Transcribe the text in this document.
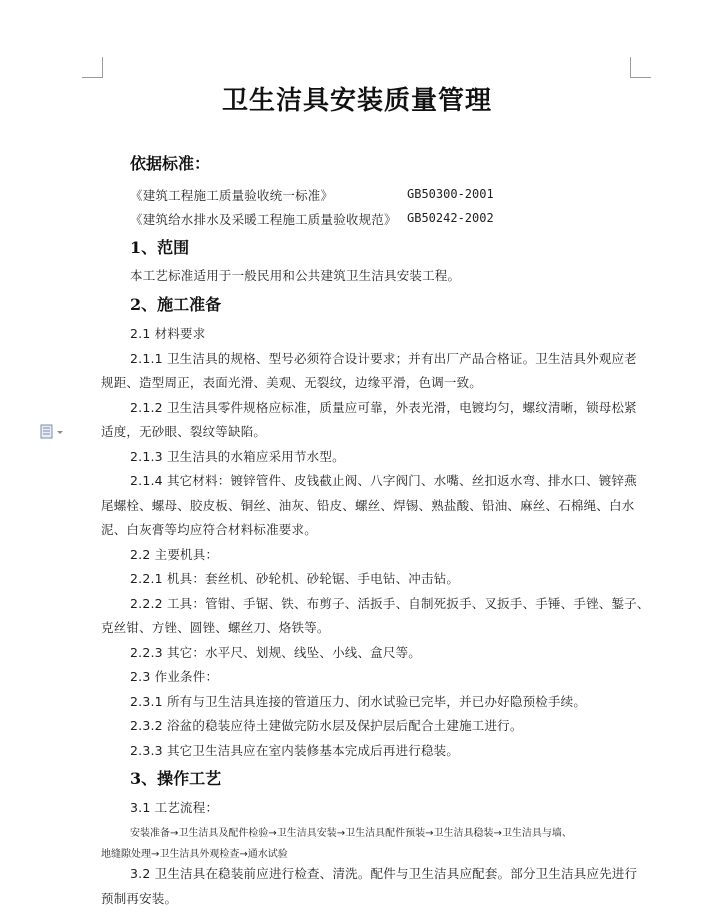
卫生洁具安装质量管理
依据标准：
《建筑工程施工质量验收统一标准》	GB50300-2001
《建筑给水排水及采暖工程施工质量验收规范》 GB50242-2002
1、范围
本工艺标准适用于一般民用和公共建筑卫生洁具安装工程。
2、施工准备
2.1 材料要求
2.1.1 卫生洁具的规格、型号必须符合设计要求；并有出厂产品合格证。卫生洁具外观应老
规距、造型周正，表面光滑、美观、无裂纹，边缘平滑，色调一致。
2.1.2 卫生洁具零件规格应标准，质量应可靠，外表光滑，电镀均匀，螺纹清晰，锁母松紧
适度，无砂眼、裂纹等缺陷。
2.1.3 卫生洁具的水箱应采用节水型。
2.1.4 其它材料：镀锌管件、皮钱截止阀、八字阀门、水嘴、丝扣返水弯、排水口、镀锌燕
尾螺栓、螺母、胶皮板、铜丝、油灰、铅皮、螺丝、焊锡、熟盐酸、铅油、麻丝、石棉绳、白水
泥、白灰膏等均应符合材料标准要求。
2.2 主要机具：
2.2.1 机具：套丝机、砂轮机、砂轮锯、手电钻、冲击钻。
2.2.2 工具：管钳、手锯、铁、布剪子、活扳手、自制死扳手、叉扳手、手锤、手锉、錾子、
克丝钳、方锉、圆锉、螺丝刀、烙铁等。
2.2.3 其它：水平尺、划规、线坠、小线、盒尺等。
2.3 作业条件：
2.3.1 所有与卫生洁具连接的管道压力、闭水试验已完毕，并已办好隐预检手续。
2.3.2 浴盆的稳装应待土建做完防水层及保护层后配合土建施工进行。
2.3.3 其它卫生洁具应在室内装修基本完成后再进行稳装。
3、操作工艺
3.1 工艺流程：
安装准备→卫生洁具及配件检验→卫生洁具安装→卫生洁具配件预装→卫生洁具稳装→卫生洁具与墙、
地缝隙处理→卫生洁具外观检查→通水试验
3.2 卫生洁具在稳装前应进行检查、清洗。配件与卫生洁具应配套。部分卫生洁具应先进行
预制再安装。
